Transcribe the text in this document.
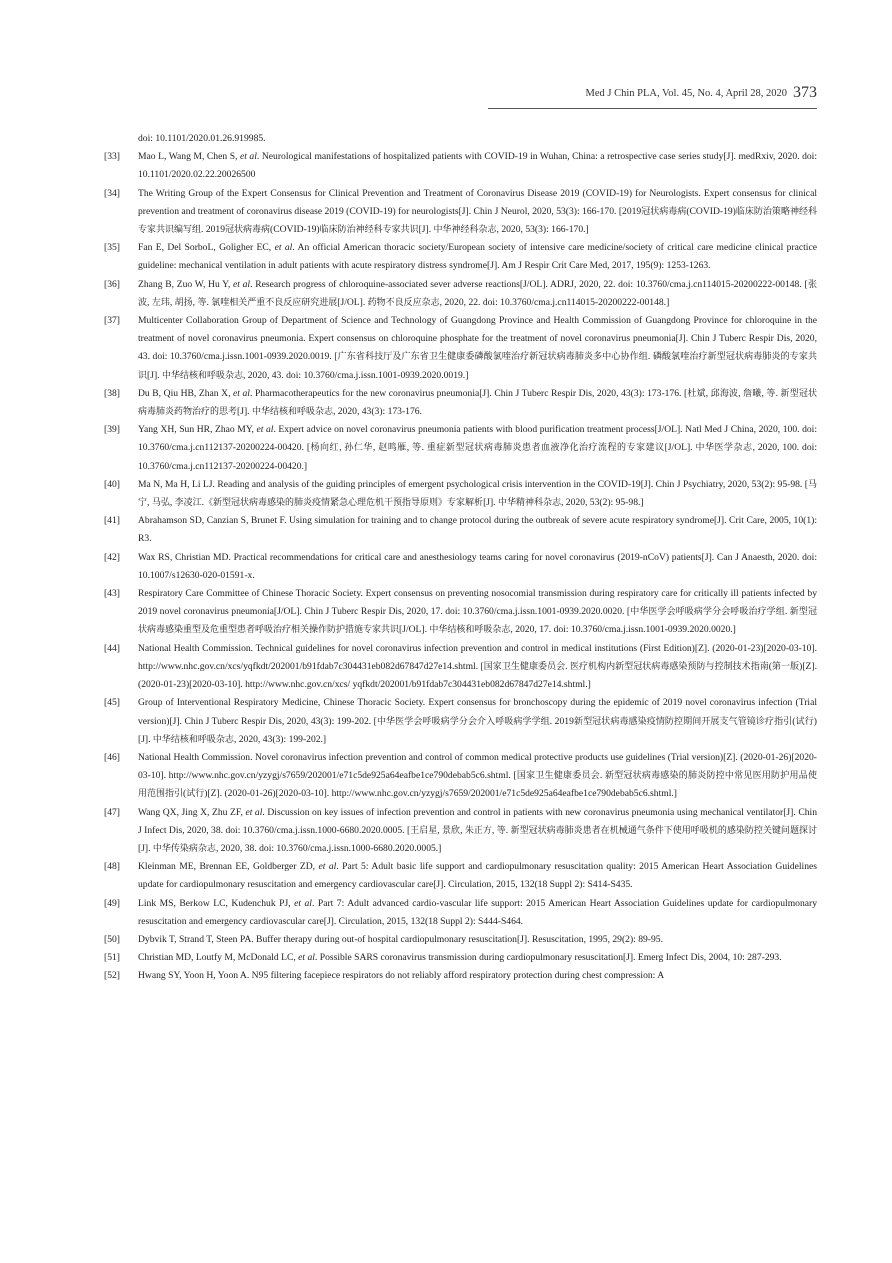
Med J Chin PLA, Vol. 45, No. 4, April 28, 2020 373
doi: 10.1101/2020.01.26.919985.
[33] Mao L, Wang M, Chen S, et al. Neurological manifestations of hospitalized patients with COVID-19 in Wuhan, China: a retrospective case series study[J]. medRxiv, 2020. doi: 10.1101/2020.02.22.20026500
[34] The Writing Group of the Expert Consensus for Clinical Prevention and Treatment of Coronavirus Disease 2019 (COVID-19) for Neurologists. Expert consensus for clinical prevention and treatment of coronavirus disease 2019 (COVID-19) for neurologists[J]. Chin J Neurol, 2020, 53(3): 166-170. [2019冠状病毒病(COVID-19)临床防治策略神经科专家共识编写组. 2019冠状病毒病(COVID-19)临床防治神经科专家共识[J]. 中华神经科杂志, 2020, 53(3): 166-170.]
[35] Fan E, Del SorboL, Goligher EC, et al. An official American thoracic society/European society of intensive care medicine/society of critical care medicine clinical practice guideline: mechanical ventilation in adult patients with acute respiratory distress syndrome[J]. Am J Respir Crit Care Med, 2017, 195(9): 1253-1263.
[36] Zhang B, Zuo W, Hu Y, et al. Research progress of chloroquine-associated sever adverse reactions[J/OL]. ADRJ, 2020, 22. doi: 10.3760/cma.j.cn114015-20200222-00148. [张波, 左玮, 胡扬, 等. 氯喹相关严重不良反应研究进展[J/OL]. 药物不良反应杂志, 2020, 22. doi: 10.3760/cma.j.cn114015-20200222-00148.]
[37] Multicenter Collaboration Group of Department of Science and Technology of Guangdong Province and Health Commission of Guangdong Province for chloroquine in the treatment of novel coronavirus pneumonia. Expert consensus on chloroquine phosphate for the treatment of novel coronavirus pneumonia[J]. Chin J Tuberc Respir Dis, 2020, 43. doi: 10.3760/cma.j.issn.1001-0939.2020.0019. [广东省科技厅及广东省卫生健康委磷酸氯喹治疗新冠状病毒肺炎多中心协作组. 磷酸氯喹治疗新型冠状病毒肺炎的专家共识[J]. 中华结核和呼吸杂志, 2020, 43. doi: 10.3760/cma.j.issn.1001-0939.2020.0019.]
[38] Du B, Qiu HB, Zhan X, et al. Pharmacotherapeutics for the new coronavirus pneumonia[J]. Chin J Tuberc Respir Dis, 2020, 43(3): 173-176. [杜斌, 邱海波, 詹曦, 等. 新型冠状病毒肺炎药物治疗的思考[J]. 中华结核和呼吸杂志, 2020, 43(3): 173-176.
[39] Yang XH, Sun HR, Zhao MY, et al. Expert advice on novel coronavirus pneumonia patients with blood purification treatment process[J/OL]. Natl Med J China, 2020, 100. doi: 10.3760/cma.j.cn112137-20200224-00420. [杨向红, 孙仁华, 赵鸣雁, 等. 重症新型冠状病毒肺炎患者血液净化治疗流程的专家建议[J/OL]. 中华医学杂志, 2020, 100. doi: 10.3760/cma.j.cn112137-20200224-00420.]
[40] Ma N, Ma H, Li LJ. Reading and analysis of the guiding principles of emergent psychological crisis intervention in the COVID-19[J]. Chin J Psychiatry, 2020, 53(2): 95-98. [马宁, 马弘, 李凌江.《新型冠状病毒感染的肺炎疫情紧急心理危机干预指导原则》专家解析[J]. 中华精神科杂志, 2020, 53(2): 95-98.]
[41] Abrahamson SD, Canzian S, Brunet F. Using simulation for training and to change protocol during the outbreak of severe acute respiratory syndrome[J]. Crit Care, 2005, 10(1): R3.
[42] Wax RS, Christian MD. Practical recommendations for critical care and anesthesiology teams caring for novel coronavirus (2019-nCoV) patients[J]. Can J Anaesth, 2020. doi: 10.1007/s12630-020-01591-x.
[43] Respiratory Care Committee of Chinese Thoracic Society. Expert consensus on preventing nosocomial transmission during respiratory care for critically ill patients infected by 2019 novel coronavirus pneumonia[J/OL]. Chin J Tuberc Respir Dis, 2020, 17. doi: 10.3760/cma.j.issn.1001-0939.2020.0020. [中华医学会呼吸病学分会呼吸治疗学组. 新型冠状病毒感染重型及危重型患者呼吸治疗相关操作防护措施专家共识[J/OL]. 中华结核和呼吸杂志, 2020, 17. doi: 10.3760/cma.j.issn.1001-0939.2020.0020.]
[44] National Health Commission. Technical guidelines for novel coronavirus infection prevention and control in medical institutions (First Edition)[Z]. (2020-01-23)[2020-03-10]. http://www.nhc.gov.cn/xcs/yqfkdt/202001/b91fdab7c304431eb082d67847d27e14.shtml. [国家卫生健康委员会. 医疗机构内新型冠状病毒感染预防与控制技术指南(第一版)[Z]. (2020-01-23)[2020-03-10]. http://www.nhc.gov.cn/xcs/ yqfkdt/202001/b91fdab7c304431eb082d67847d27e14.shtml.]
[45] Group of Interventional Respiratory Medicine, Chinese Thoracic Society. Expert consensus for bronchoscopy during the epidemic of 2019 novel coronavirus infection (Trial version)[J]. Chin J Tuberc Respir Dis, 2020, 43(3): 199-202. [中华医学会呼吸病学分会介入呼吸病学学组. 2019新型冠状病毒感染疫情防控期间开展支气管镜诊疗指引(试行)[J]. 中华结核和呼吸杂志, 2020, 43(3): 199-202.]
[46] National Health Commission. Novel coronavirus infection prevention and control of common medical protective products use guidelines (Trial version)[Z]. (2020-01-26)[2020-03-10]. http://www.nhc.gov.cn/yzygj/s7659/202001/e71c5de925a64eafbe1ce790debab5c6.shtml. [国家卫生健康委员会. 新型冠状病毒感染的肺炎防控中常见医用防护用品使用范围指引(试行)[Z]. (2020-01-26)[2020-03-10]. http://www.nhc.gov.cn/yzygj/s7659/202001/e71c5de925a64eafbe1ce790debab5c6.shtml.]
[47] Wang QX, Jing X, Zhu ZF, et al. Discussion on key issues of infection prevention and control in patients with new coronavirus pneumonia using mechanical ventilator[J]. Chin J Infect Dis, 2020, 38. doi: 10.3760/cma.j.issn.1000-6680.2020.0005. [王启星, 景欣, 朱正方, 等. 新型冠状病毒肺炎患者在机械通气条件下使用呼吸机的感染防控关键问题探讨[J]. 中华传染病杂志, 2020, 38. doi: 10.3760/cma.j.issn.1000-6680.2020.0005.]
[48] Kleinman ME, Brennan EE, Goldberger ZD, et al. Part 5: Adult basic life support and cardiopulmonary resuscitation quality: 2015 American Heart Association Guidelines update for cardiopulmonary resuscitation and emergency cardiovascular care[J]. Circulation, 2015, 132(18 Suppl 2): S414-S435.
[49] Link MS, Berkow LC, Kudenchuk PJ, et al. Part 7: Adult advanced cardio-vascular life support: 2015 American Heart Association Guidelines update for cardiopulmonary resuscitation and emergency cardiovascular care[J]. Circulation, 2015, 132(18 Suppl 2): S444-S464.
[50] Dybvik T, Strand T, Steen PA. Buffer therapy during out-of hospital cardiopulmonary resuscitation[J]. Resuscitation, 1995, 29(2): 89-95.
[51] Christian MD, Loutfy M, McDonald LC, et al. Possible SARS coronavirus transmission during cardiopulmonary resuscitation[J]. Emerg Infect Dis, 2004, 10: 287-293.
[52] Hwang SY, Yoon H, Yoon A. N95 filtering facepiece respirators do not reliably afford respiratory protection during chest compression: A
